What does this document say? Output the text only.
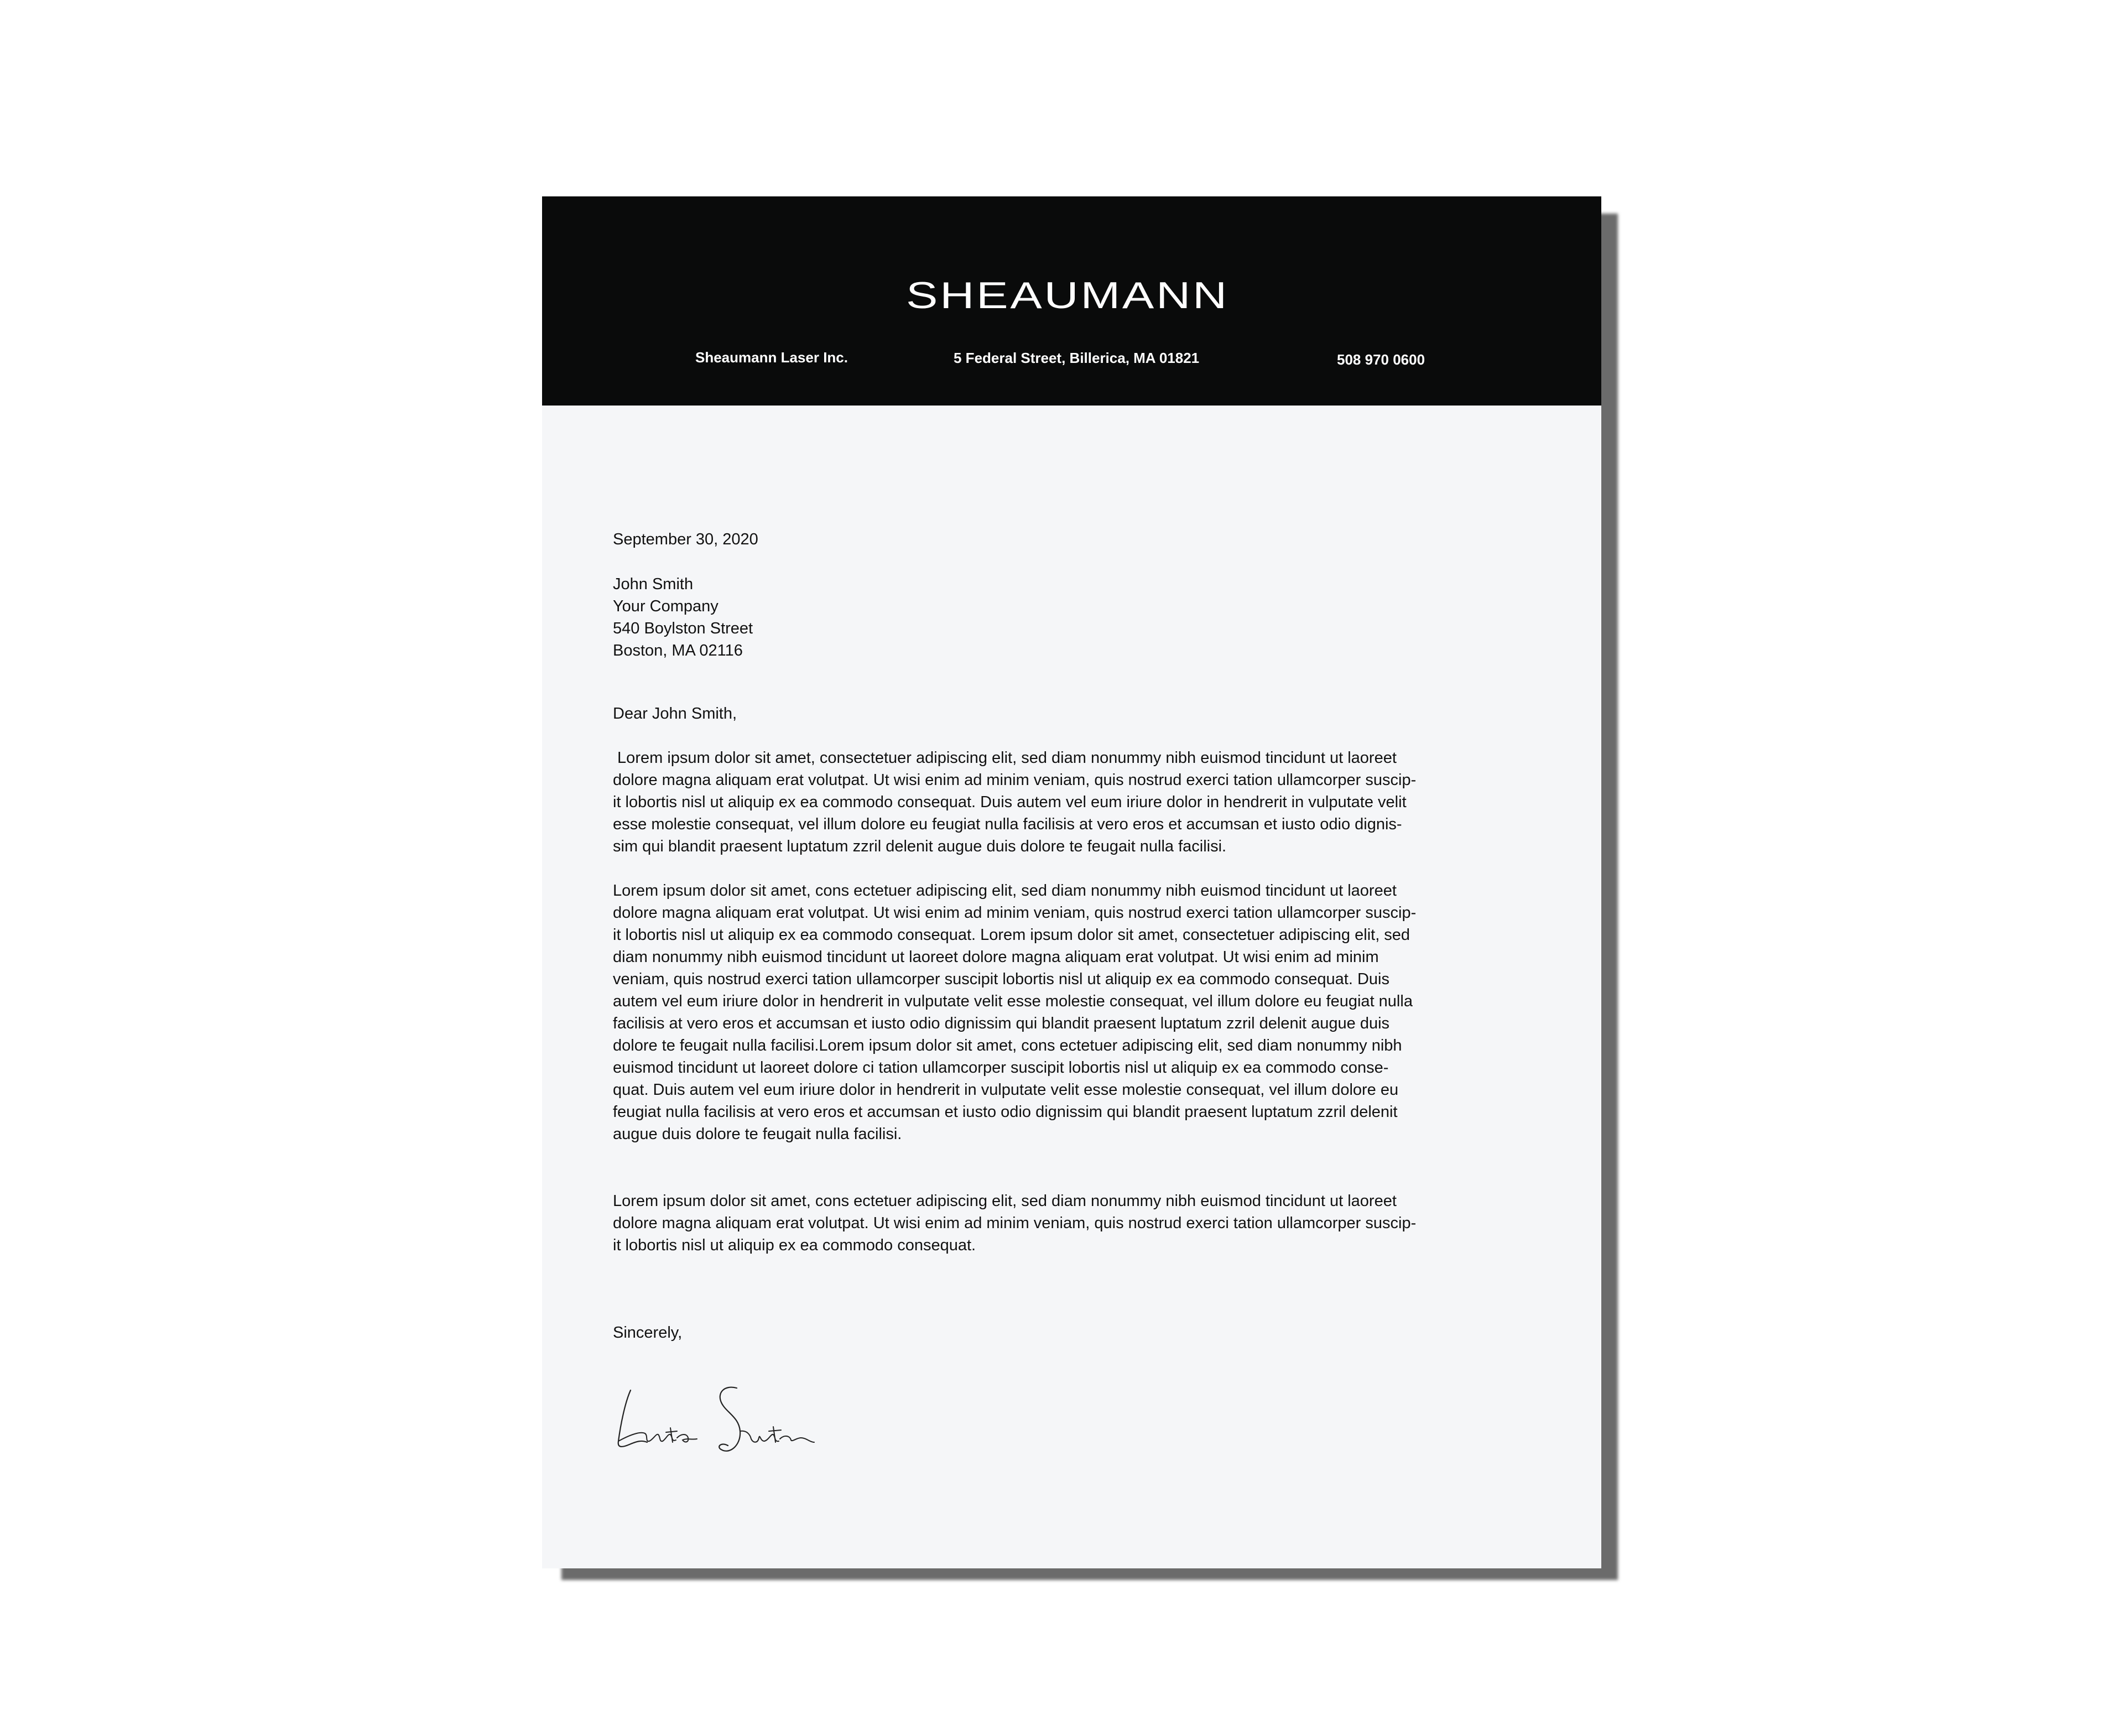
SHEAUMANN
Sheaumann Laser Inc.	5 Federal Street, Billerica, MA 01821	508 970 0600
September 30, 2020
John Smith
Your Company
540 Boylston Street
Boston, MA 02116
Dear John Smith,
Lorem ipsum dolor sit amet, consectetuer adipiscing elit, sed diam nonummy nibh euismod tincidunt ut laoreet
dolore magna aliquam erat volutpat. Ut wisi enim ad minim veniam, quis nostrud exerci tation ullamcorper suscip-
it lobortis nisl ut aliquip ex ea commodo consequat. Duis autem vel eum iriure dolor in hendrerit in vulputate velit
esse molestie consequat, vel illum dolore eu feugiat nulla facilisis at vero eros et accumsan et iusto odio dignis-
sim qui blandit praesent luptatum zzril delenit augue duis dolore te feugait nulla facilisi.
Lorem ipsum dolor sit amet, cons ectetuer adipiscing elit, sed diam nonummy nibh euismod tincidunt ut laoreet
dolore magna aliquam erat volutpat. Ut wisi enim ad minim veniam, quis nostrud exerci tation ullamcorper suscip-
it lobortis nisl ut aliquip ex ea commodo consequat. Lorem ipsum dolor sit amet, consectetuer adipiscing elit, sed
diam nonummy nibh euismod tincidunt ut laoreet dolore magna aliquam erat volutpat. Ut wisi enim ad minim
veniam, quis nostrud exerci tation ullamcorper suscipit lobortis nisl ut aliquip ex ea commodo consequat. Duis
autem vel eum iriure dolor in hendrerit in vulputate velit esse molestie consequat, vel illum dolore eu feugiat nulla
facilisis at vero eros et accumsan et iusto odio dignissim qui blandit praesent luptatum zzril delenit augue duis
dolore te feugait nulla facilisi.Lorem ipsum dolor sit amet, cons ectetuer adipiscing elit, sed diam nonummy nibh
euismod tincidunt ut laoreet dolore ci tation ullamcorper suscipit lobortis nisl ut aliquip ex ea commodo conse-
quat. Duis autem vel eum iriure dolor in hendrerit in vulputate velit esse molestie consequat, vel illum dolore eu
feugiat nulla facilisis at vero eros et accumsan et iusto odio dignissim qui blandit praesent luptatum zzril delenit
augue duis dolore te feugait nulla facilisi.
Lorem ipsum dolor sit amet, cons ectetuer adipiscing elit, sed diam nonummy nibh euismod tincidunt ut laoreet
dolore magna aliquam erat volutpat. Ut wisi enim ad minim veniam, quis nostrud exerci tation ullamcorper suscip-
it lobortis nisl ut aliquip ex ea commodo consequat.
Sincerely,
